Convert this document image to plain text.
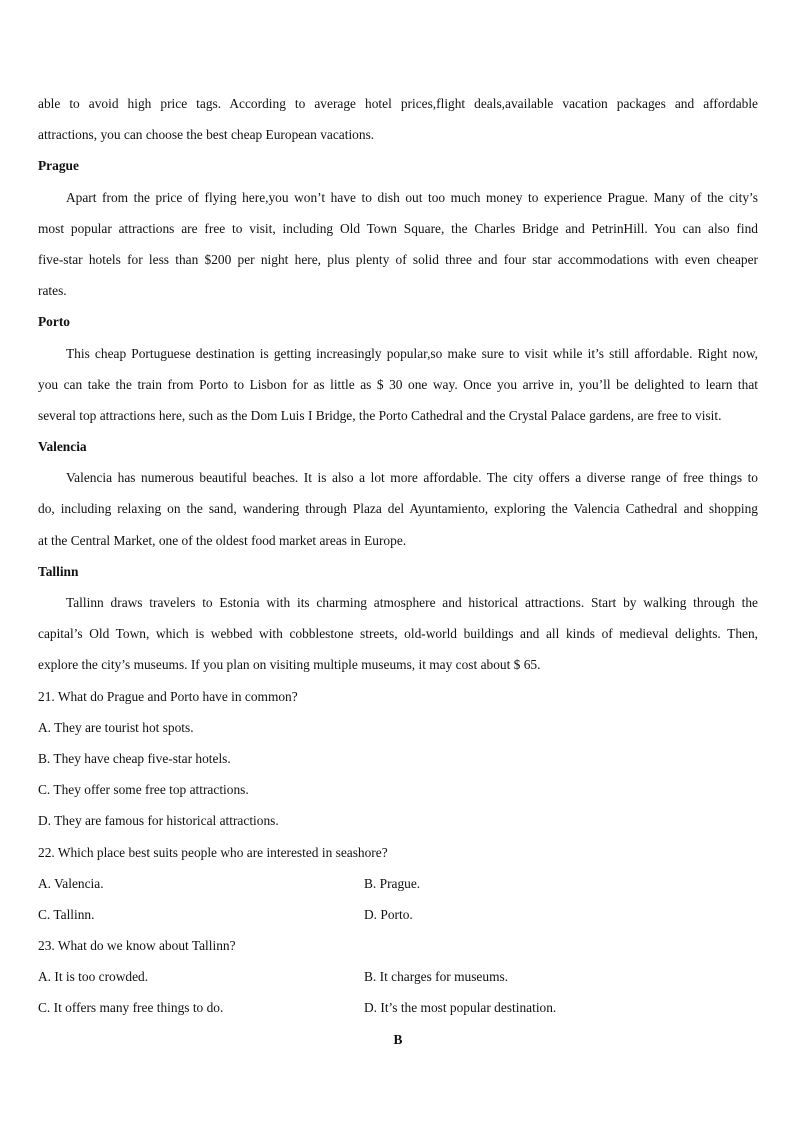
able to avoid high price tags. According to average hotel prices,flight deals,available vacation packages and affordable
attractions, you can choose the best cheap European vacations.
Prague
Apart from the price of flying here,you won’t have to dish out too much money to experience Prague. Many of the city’s
most popular attractions are free to visit, including Old Town Square, the Charles Bridge and PetrinHill. You can also find
five-star hotels for less than $200 per night here, plus plenty of solid three and four star accommodations with even cheaper
rates.
Porto
This cheap Portuguese destination is getting increasingly popular,so make sure to visit while it’s still affordable. Right now,
you can take the train from Porto to Lisbon for as little as $ 30 one way. Once you arrive in, you’ll be delighted to learn that
several top attractions here, such as the Dom Luis I Bridge, the Porto Cathedral and the Crystal Palace gardens, are free to visit.
Valencia
Valencia has numerous beautiful beaches. It is also a lot more affordable. The city offers a diverse range of free things to
do, including relaxing on the sand, wandering through Plaza del Ayuntamiento, exploring the Valencia Cathedral and shopping
at the Central Market, one of the oldest food market areas in Europe.
Tallinn
Tallinn draws travelers to Estonia with its charming atmosphere and historical attractions. Start by walking through the
capital’s Old Town, which is webbed with cobblestone streets, old-world buildings and all kinds of medieval delights. Then,
explore the city’s museums. If you plan on visiting multiple museums, it may cost about $ 65.
21. What do Prague and Porto have in common?
A. They are tourist hot spots.
B. They have cheap five-star hotels.
C. They offer some free top attractions.
D. They are famous for historical attractions.
22. Which place best suits people who are interested in seashore?
A. Valencia.	B. Prague.
C. Tallinn.	D. Porto.
23. What do we know about Tallinn?
A. It is too crowded.	B. It charges for museums.
C. It offers many free things to do.	D. It’s the most popular destination.
B
